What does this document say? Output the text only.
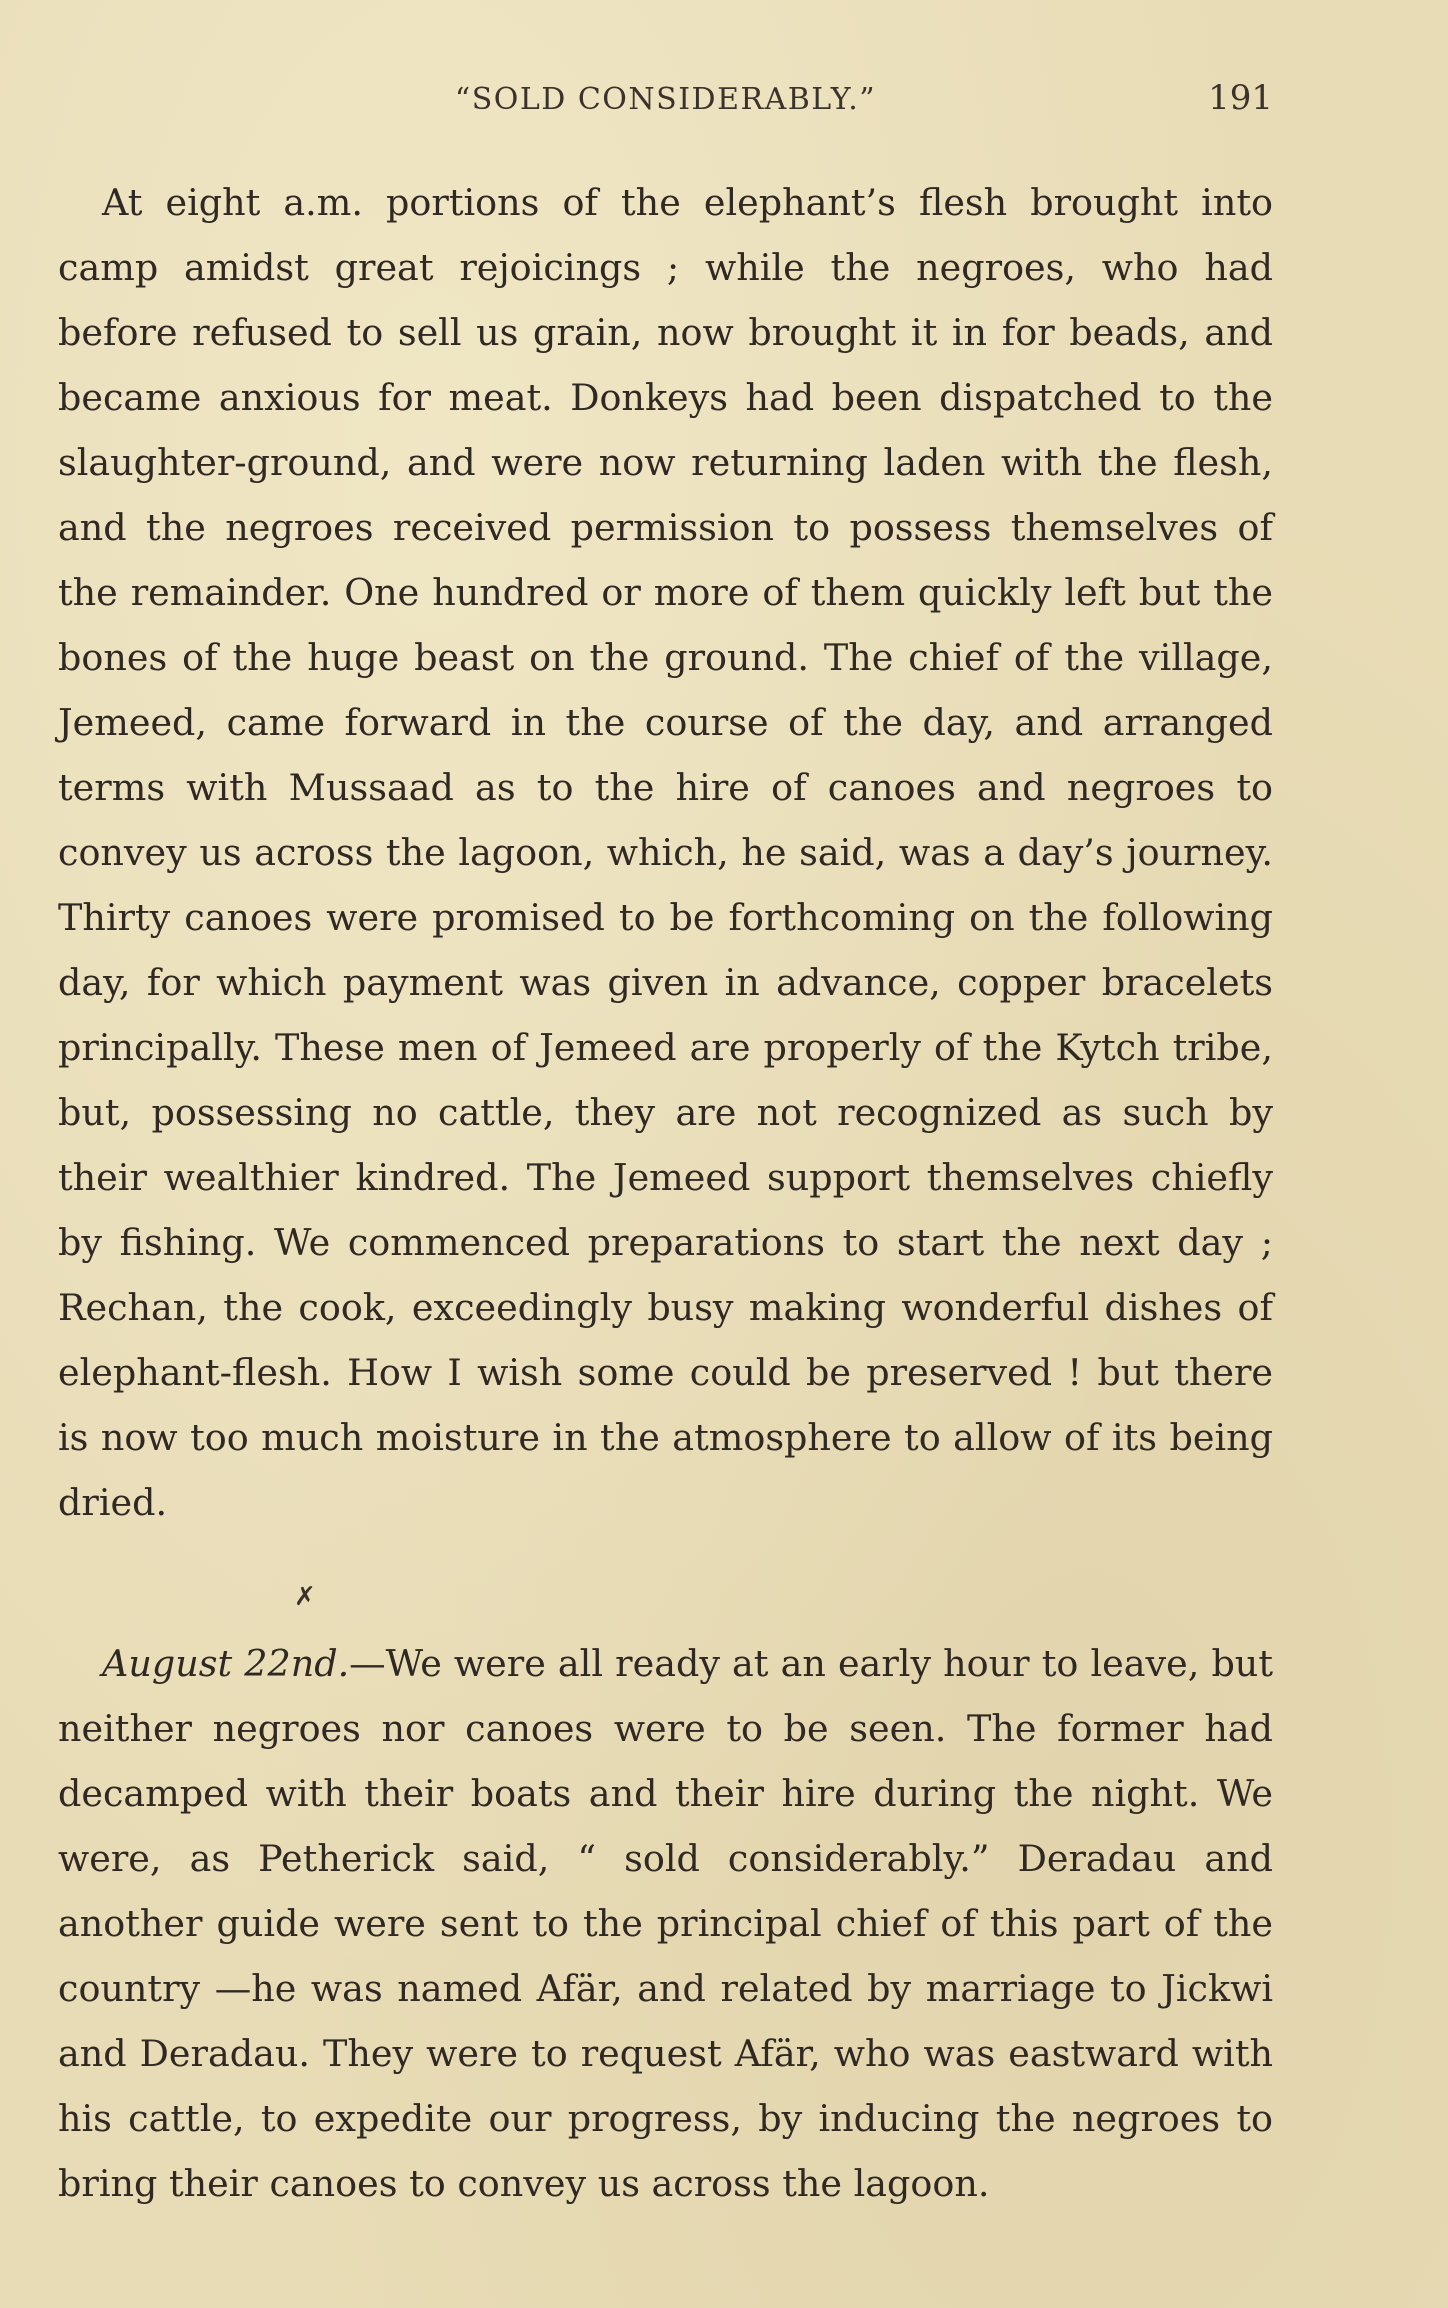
“SOLD CONSIDERABLY.”	191

At eight a.m. portions of the elephant’s flesh brought into camp amidst great rejoicings ; while the negroes, who had before refused to sell us grain, now brought it in for beads, and became anxious for meat. Donkeys had been dispatched to the slaughter-ground, and were now returning laden with the flesh, and the negroes received permission to possess themselves of the remainder. One hundred or more of them quickly left but the bones of the huge beast on the ground. The chief of the village, Jemeed, came forward in the course of the day, and arranged terms with Mussaad as to the hire of canoes and negroes to convey us across the lagoon, which, he said, was a day’s journey. Thirty canoes were promised to be forthcoming on the following day, for which payment was given in advance, copper bracelets principally. These men of Jemeed are properly of the Kytch tribe, but, possessing no cattle, they are not recognized as such by their wealthier kindred. The Jemeed support themselves chiefly by fishing. We commenced preparations to start the next day ; Rechan, the cook, exceedingly busy making wonderful dishes of elephant-flesh. How I wish some could be preserved ! but there is now too much moisture in the atmosphere to allow of its being dried.

✗

August 22nd.—We were all ready at an early hour to leave, but neither negroes nor canoes were to be seen. The former had decamped with their boats and their hire during the night. We were, as Petherick said, “ sold considerably.” Deradau and another guide were sent to the principal chief of this part of the country —he was named Afär, and related by marriage to Jickwi and Deradau. They were to request Afär, who was eastward with his cattle, to expedite our progress, by inducing the negroes to bring their canoes to convey us across the lagoon.
